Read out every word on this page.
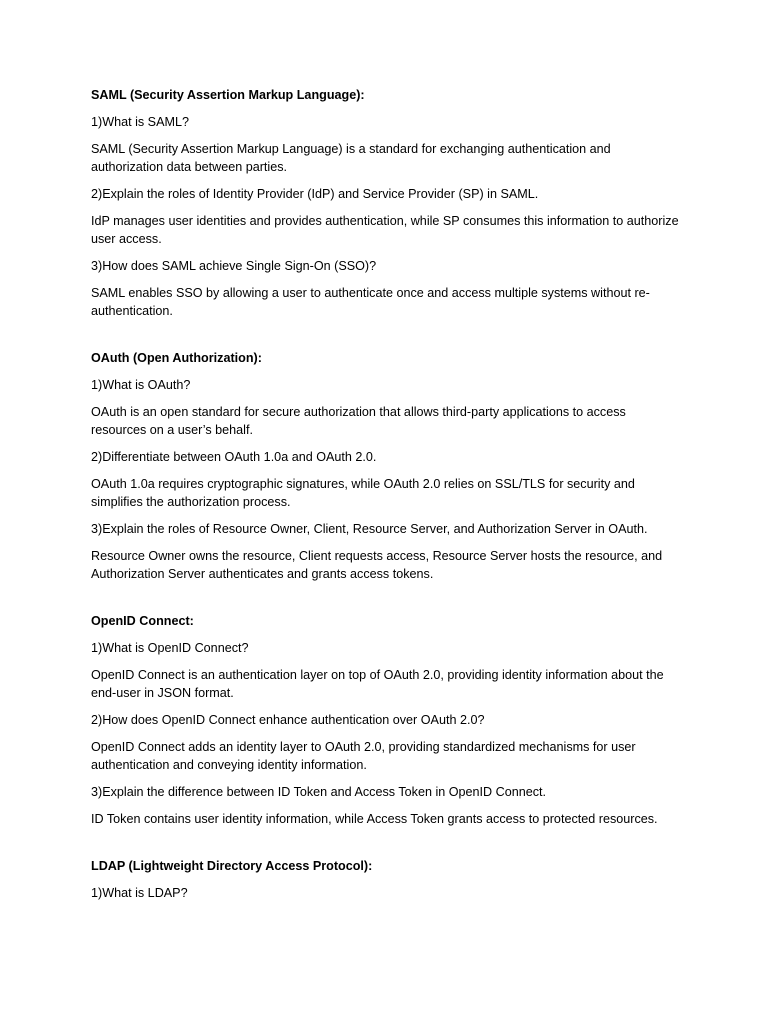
SAML (Security Assertion Markup Language):

1)What is SAML?

SAML (Security Assertion Markup Language) is a standard for exchanging authentication and authorization data between parties.

2)Explain the roles of Identity Provider (IdP) and Service Provider (SP) in SAML.

IdP manages user identities and provides authentication, while SP consumes this information to authorize user access.

3)How does SAML achieve Single Sign-On (SSO)?

SAML enables SSO by allowing a user to authenticate once and access multiple systems without re-authentication.

OAuth (Open Authorization):

1)What is OAuth?

OAuth is an open standard for secure authorization that allows third-party applications to access resources on a user’s behalf.

2)Differentiate between OAuth 1.0a and OAuth 2.0.

OAuth 1.0a requires cryptographic signatures, while OAuth 2.0 relies on SSL/TLS for security and simplifies the authorization process.

3)Explain the roles of Resource Owner, Client, Resource Server, and Authorization Server in OAuth.

Resource Owner owns the resource, Client requests access, Resource Server hosts the resource, and Authorization Server authenticates and grants access tokens.

OpenID Connect:

1)What is OpenID Connect?

OpenID Connect is an authentication layer on top of OAuth 2.0, providing identity information about the end-user in JSON format.

2)How does OpenID Connect enhance authentication over OAuth 2.0?

OpenID Connect adds an identity layer to OAuth 2.0, providing standardized mechanisms for user authentication and conveying identity information.

3)Explain the difference between ID Token and Access Token in OpenID Connect.

ID Token contains user identity information, while Access Token grants access to protected resources.

LDAP (Lightweight Directory Access Protocol):

1)What is LDAP?
